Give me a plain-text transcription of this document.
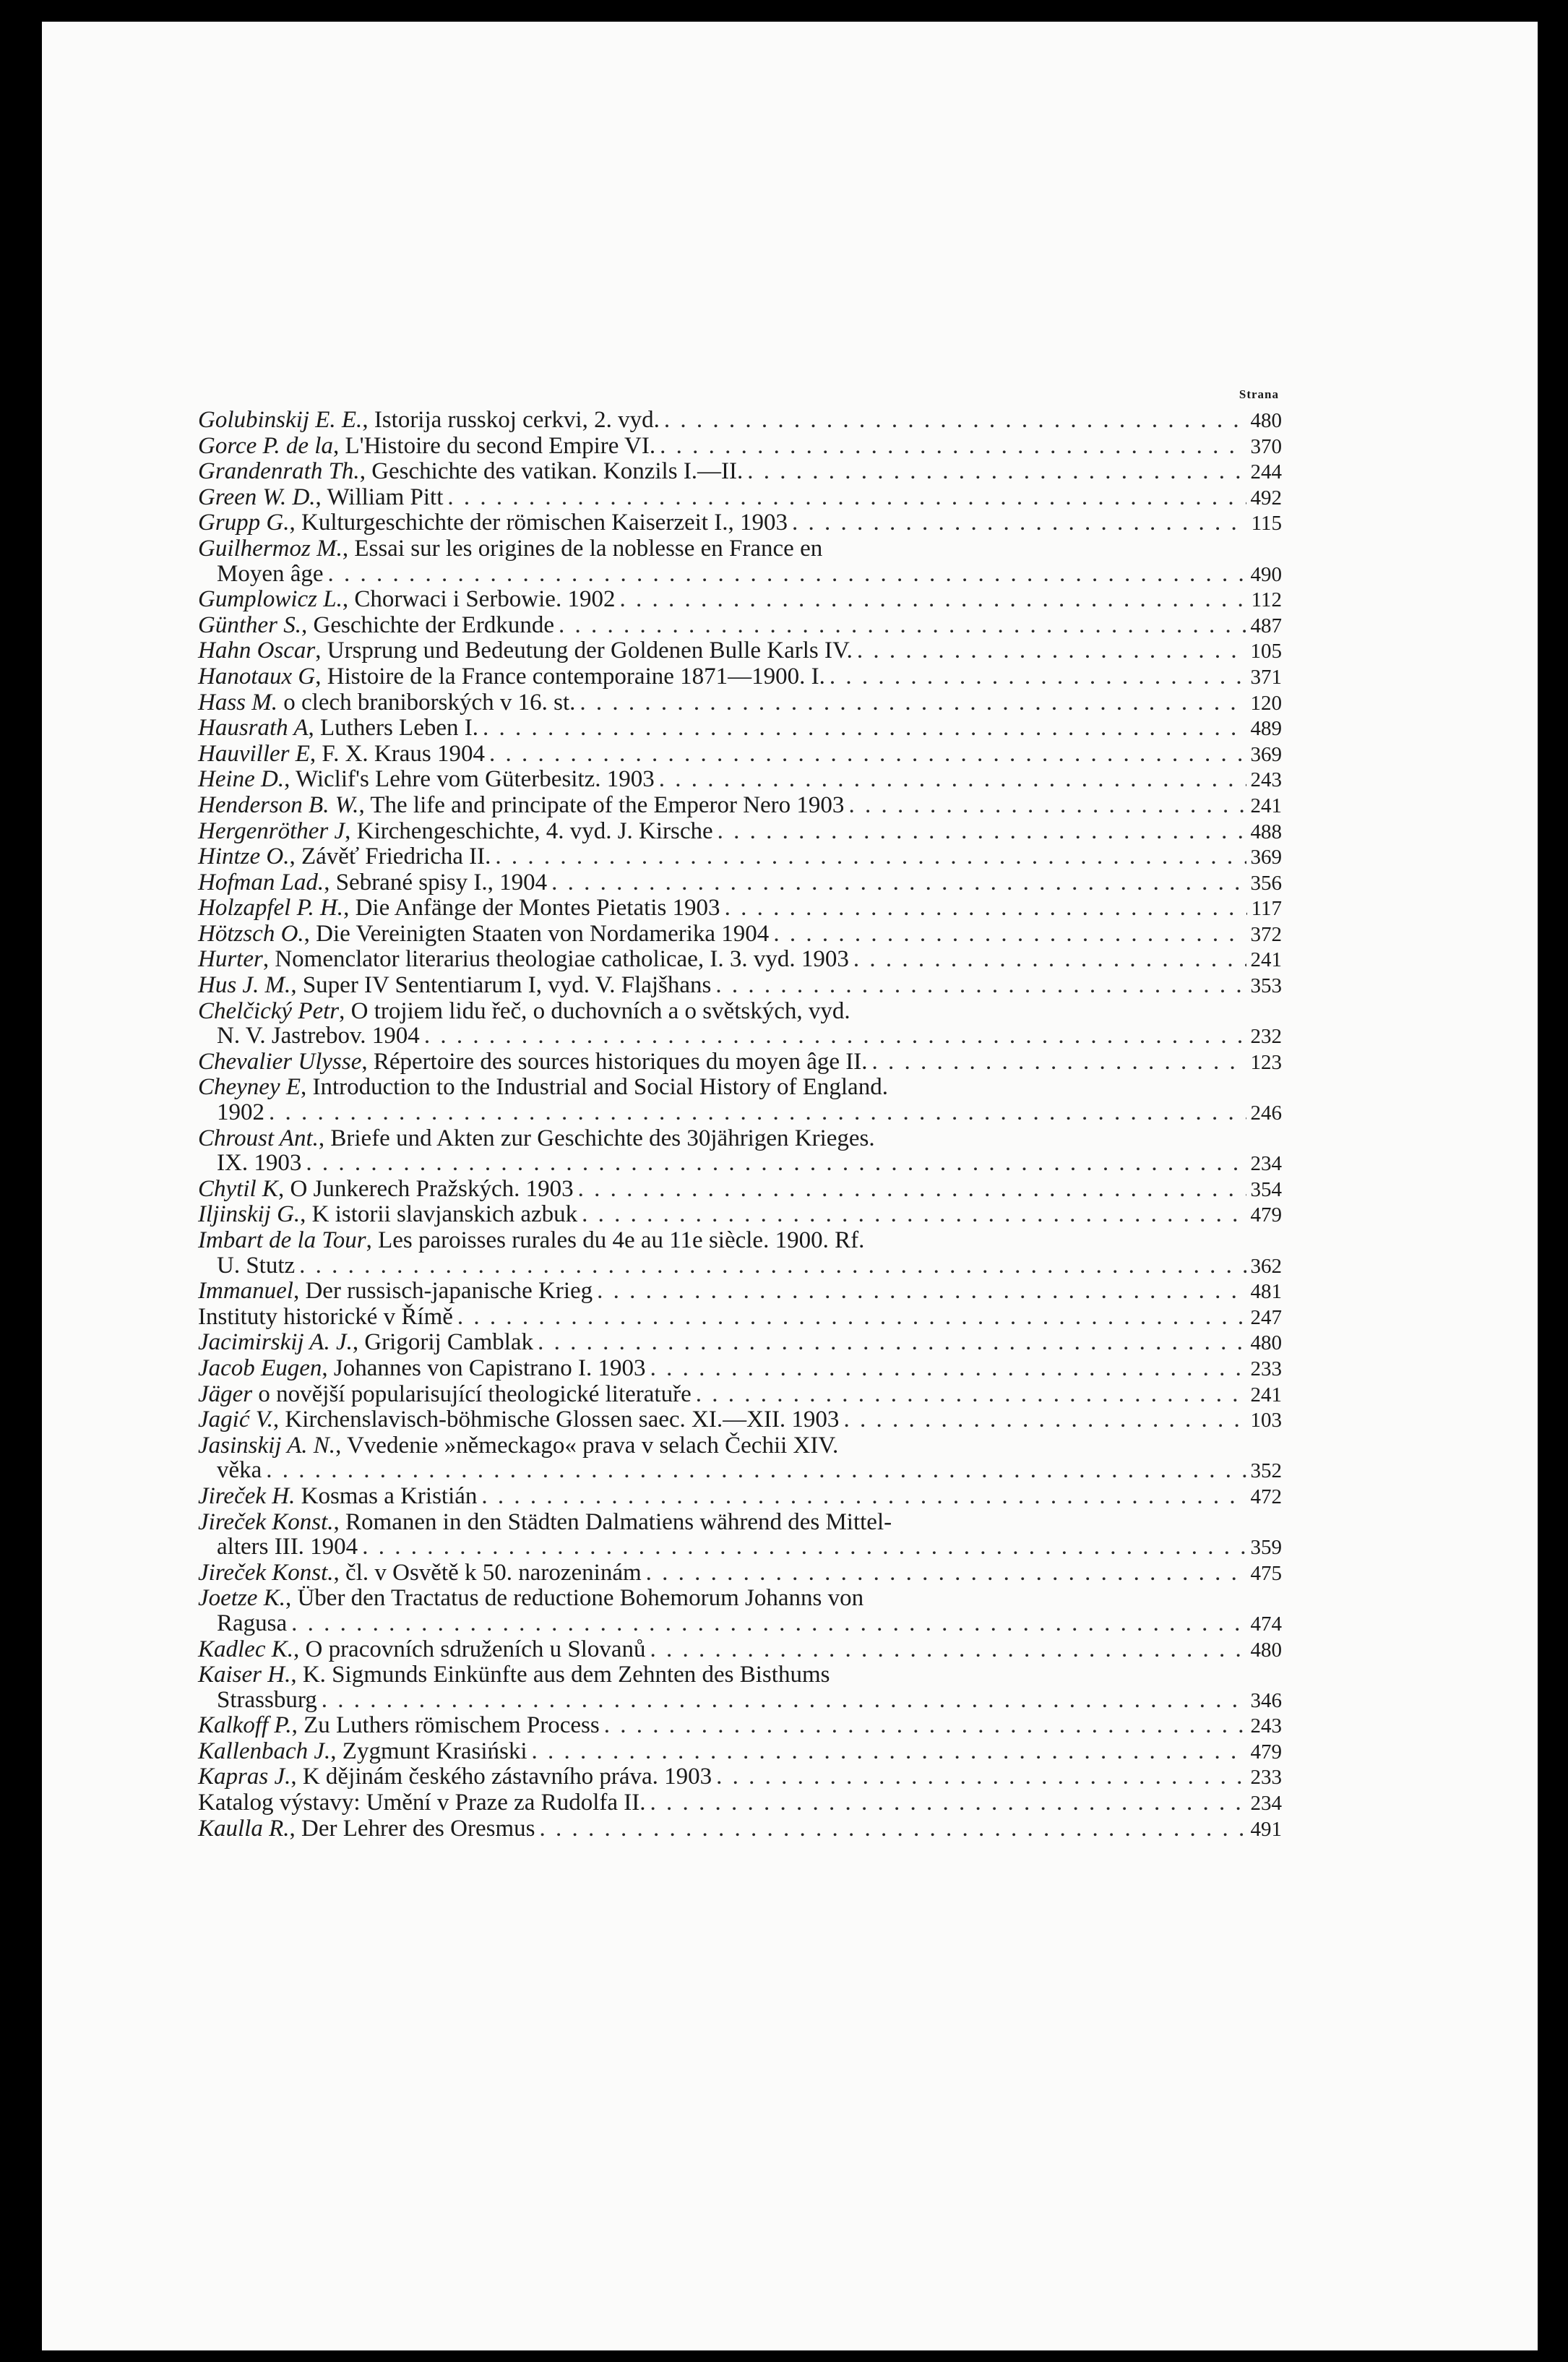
Strana
Golubinskij E. E., Istorija russkoj cerkvi, 2. vyd. . . .	480
Gorce P. de la, L'Histoire du second Empire VI. . . .	370
Grandenrath Th., Geschichte des vatikan. Konzils I.—II. . . .	244
Green W. D., William Pitt . . .	492
Grupp G., Kulturgeschichte der römischen Kaiserzeit I., 1903 . . .	115
Guilhermoz M., Essai sur les origines de la noblesse en France en
Moyen âge . . .	490
Gumplowicz L., Chorwaci i Serbowie. 1902 . . .	112
Günther S., Geschichte der Erdkunde . . .	487
Hahn Oscar, Ursprung und Bedeutung der Goldenen Bulle Karls IV. . . .	105
Hanotaux G, Histoire de la France contemporaine 1871—1900. I. . . .	371
Hass M. o clech braniborských v 16. st. . . .	120
Hausrath A, Luthers Leben I. . . .	489
Hauviller E, F. X. Kraus 1904 . . .	369
Heine D., Wiclif's Lehre vom Güterbesitz. 1903 . . .	243
Henderson B. W., The life and principate of the Emperor Nero 1903 . . .	241
Hergenröther J, Kirchengeschichte, 4. vyd. J. Kirsche . . .	488
Hintze O., Závěť Friedricha II. . . .	369
Hofman Lad., Sebrané spisy I., 1904 . . .	356
Holzapfel P. H., Die Anfänge der Montes Pietatis 1903 . . .	117
Hötzsch O., Die Vereinigten Staaten von Nordamerika 1904 . . .	372
Hurter, Nomenclator literarius theologiae catholicae, I. 3. vyd. 1903 . . .	241
Hus J. M., Super IV Sententiarum I, vyd. V. Flajšhans . . .	353
Chelčický Petr, O trojiem lidu řeč, o duchovních a o světských, vyd.
N. V. Jastrebov. 1904 . . .	232
Chevalier Ulysse, Répertoire des sources historiques du moyen âge II. . . .	123
Cheyney E, Introduction to the Industrial and Social History of England.
1902 . . .	246
Chroust Ant., Briefe und Akten zur Geschichte des 30jährigen Krieges.
IX. 1903 . . .	234
Chytil K, O Junkerech Pražských. 1903 . . .	354
Iljinskij G., K istorii slavjanskich azbuk . . .	479
Imbart de la Tour, Les paroisses rurales du 4e au 11e siècle. 1900. Rf.
U. Stutz . . .	362
Immanuel, Der russisch-japanische Krieg . . .	481
Instituty historické v Římě . . .	247
Jacimirskij A. J., Grigorij Camblak . . .	480
Jacob Eugen, Johannes von Capistrano I. 1903 . . .	233
Jäger o novější popularisující theologické literatuře . . .	241
Jagić V., Kirchenslavisch-böhmische Glossen saec. XI.—XII. 1903 . . .	103
Jasinskij A. N., Vvedenie »německago« prava v selach Čechii XIV.
věka . . .	352
Jireček H. Kosmas a Kristián . . .	472
Jireček Konst., Romanen in den Städten Dalmatiens während des Mittel-
alters III. 1904 . . .	359
Jireček Konst., čl. v Osvětě k 50. narozeninám . . .	475
Joetze K., Über den Tractatus de reductione Bohemorum Johanns von
Ragusa . . .	474
Kadlec K., O pracovních sdruženích u Slovanů . . .	480
Kaiser H., K. Sigmunds Einkünfte aus dem Zehnten des Bisthums
Strassburg . . .	346
Kalkoff P., Zu Luthers römischem Process . . .	243
Kallenbach J., Zygmunt Krasiński . . .	479
Kapras J., K dějinám českého zástavního práva. 1903 . . .	233
Katalog výstavy: Umění v Praze za Rudolfa II. . . .	234
Kaulla R., Der Lehrer des Oresmus . . .	491
